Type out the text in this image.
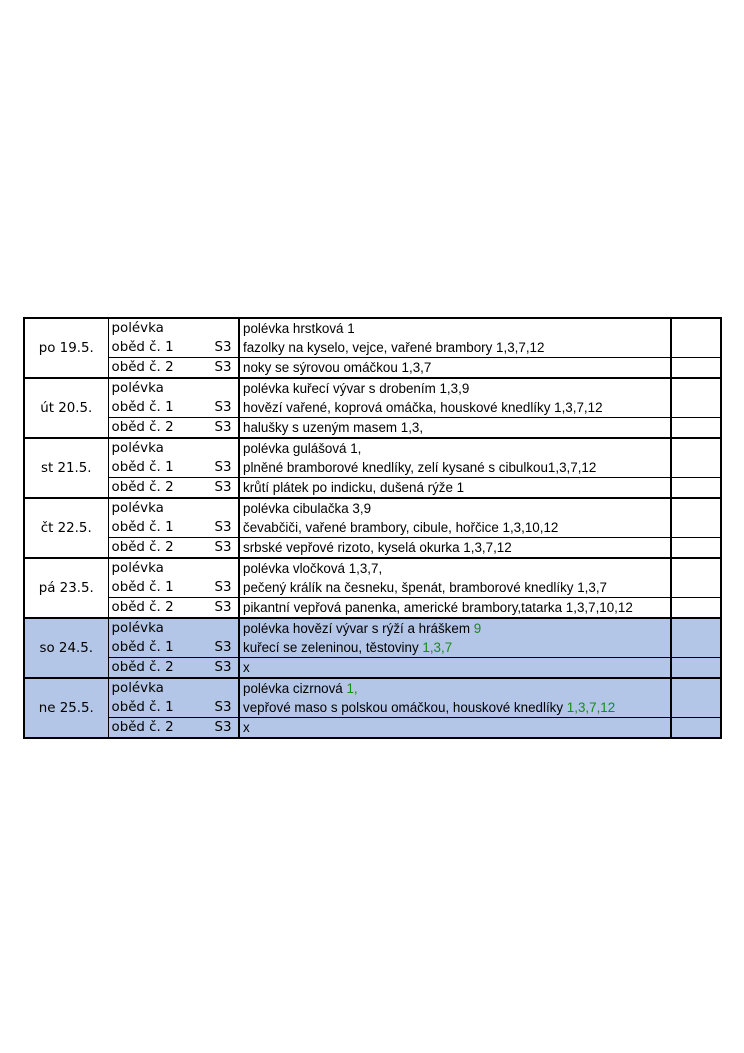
po 19.5.	polévka		polévka hrstková 1	
	oběd č. 1	S3	fazolky na kyselo, vejce, vařené brambory 1,3,7,12	
	oběd č. 2	S3	noky se sýrovou omáčkou 1,3,7	
út 20.5.	polévka		polévka kuřecí vývar s drobením 1,3,9	
	oběd č. 1	S3	hovězí vařené, koprová omáčka, houskové knedlíky 1,3,7,12	
	oběd č. 2	S3	halušky s uzeným masem 1,3,	
st 21.5.	polévka		polévka gulášová 1,	
	oběd č. 1	S3	plněné bramborové knedlíky, zelí kysané s cibulkou1,3,7,12	
	oběd č. 2	S3	krůtí plátek po indicku, dušená rýže 1	
čt 22.5.	polévka		polévka cibulačka 3,9	
	oběd č. 1	S3	čevabčiči, vařené brambory, cibule, hořčice 1,3,10,12	
	oběd č. 2	S3	srbské vepřové rizoto, kyselá okurka 1,3,7,12	
pá 23.5.	polévka		polévka vločková 1,3,7,	
	oběd č. 1	S3	pečený králík na česneku, špenát, bramborové knedlíky 1,3,7	
	oběd č. 2	S3	pikantní vepřová panenka, americké brambory,tatarka 1,3,7,10,12	
so 24.5.	polévka		polévka hovězí vývar s rýží a hráškem 9	
	oběd č. 1	S3	kuřecí se zeleninou, těstoviny 1,3,7	
	oběd č. 2	S3	x	
ne 25.5.	polévka		polévka cizrnová 1,	
	oběd č. 1	S3	vepřové maso s polskou omáčkou, houskové knedlíky 1,3,7,12	
	oběd č. 2	S3	x	
